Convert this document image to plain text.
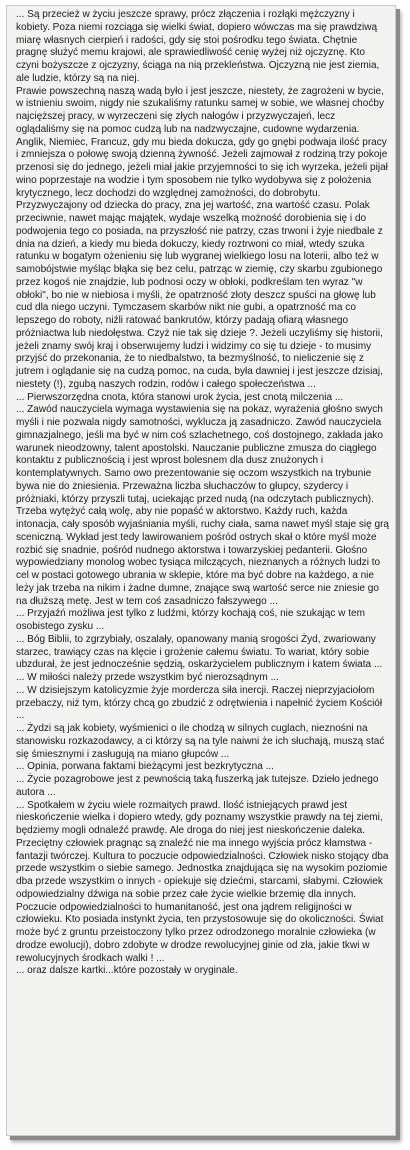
... Są przecież w życiu jeszcze sprawy, prócz złączenia i rozłąki mężczyzny i kobiety. Poza niemi rozciąga się wielki świat, dopiero wówczas ma się prawdziwą miarę własnych cierpień i radości, gdy się stoi pośrodku tego świata. Chętnie pragnę służyć memu krajowi, ale sprawiedliwość cenię wyżej niż ojczyznę. Kto czyni bożyszcze z ojczyzny, ściąga na nią przekleństwa. Ojczyzną nie jest ziemia, ale ludzie, którzy są na niej.
Prawie powszechną naszą wadą było i jest jeszcze, niestety, że zagrożeni w bycie, w istnieniu swoim, nigdy nie szukaliśmy ratunku samej w sobie, we własnej choćby najcięższej pracy, w wyrzeczeni się złych nałogów i przyzwyczajeń, lecz oglądaliśmy się na pomoc cudzą lub na nadzwyczajne, cudowne wydarzenia. Anglik, Niemiec, Francuz, gdy mu bieda dokucza, gdy go gnębi podwaja ilość pracy i zmniejsza o połowę swoją dzienną żywność. Jeżeli zajmował z rodziną trzy pokoje przenosi się do jednego, jeżeli miał jakie przyjemności to się ich wyrzeka, jeżeli pijał wino poprzestaje na wodzie i tym sposobem nie tylko wydobywa się z położenia krytycznego, lecz dochodzi do względnej zamożności, do dobrobytu. Przyzwyczajony od dziecka do pracy, zna jej wartość, zna wartość czasu. Polak przeciwnie, nawet mając majątek, wydaje wszelką możność dorobienia się i do podwojenia tego co posiada, na przyszłość nie patrzy, czas trwoni i żyje niedbale z dnia na dzień, a kiedy mu bieda dokuczy, kiedy roztrwoni co miał, wtedy szuka ratunku w bogatym ożenieniu się lub wygranej wielkiego losu na loterii, albo też w samobójstwie myśląc błąka się bez celu, patrząc w ziemię, czy skarbu zgubionego przez kogoś nie znajdzie, lub podnosi oczy w obłoki, podkreślam ten wyraz "w obłoki", bo nie w niebiosa i myśli, że opatrzność złoty deszcz spuści na głowę lub cud dla niego uczyni. Tymczasem skarbów nikt nie gubi, a opatrzność ma co lepszego do roboty, niźli ratować bankrutów, którzy padają ofiarą własnego próżniactwa lub niedołęstwa. Czyż nie tak się dzieje ?. Jeżeli uczyliśmy się historii, jeżeli znamy swój kraj i obserwujemy ludzi i widzimy co się tu dzieje - to musimy przyjść do przekonania, że to niedbalstwo, ta bezmyślność, to nieliczenie się z jutrem i oglądanie się na cudzą pomoc, na cuda, była dawniej i jest jeszcze dzisiaj, niestety (!), zgubą naszych rodzin, rodów i całego społeczeństwa ...
... Pierwszorzędna cnota, która stanowi urok życia, jest cnotą milczenia ...
... Zawód nauczyciela wymaga wystawienia się na pokaz, wyrażenia głośno swych myśli i nie pozwala nigdy samotności, wyklucza ją zasadniczo. Zawód nauczyciela gimnazjalnego, jeśli ma być w nim coś szlachetnego, coś dostojnego, zakłada jako warunek nieodzowny, talent apostolski. Nauczanie publiczne zmusza do ciągłego kontaktu z publicznością i jest wprost bolesnem dla dusz znużonych i kontemplatywnych. Samo owo prezentowanie się oczom wszystkich na trybunie bywa nie do zniesienia. Przeważna liczba słuchaczów to głupcy, szydercy i próżniaki, którzy przyszli tutaj, uciekając przed nudą (na odczytach publicznych). Trzeba wytężyć całą wolę, aby nie popaść w aktorstwo. Każdy ruch, każda intonacja, cały sposób wyjaśniania myśli, ruchy ciała, sama nawet myśl staje się grą sceniczną. Wykład jest tedy lawirowaniem pośród ostrych skał o które myśl może rozbić się snadnie, pośród nudnego aktorstwa i towarzyskiej pedanterii. Głośno wypowiedziany monolog wobec tysiąca milczących, nieznanych a różnych ludzi to cel w postaci gotowego ubrania w sklepie, które ma być dobre na każdego, a nie leży jak trzeba na nikim i żadne dumne, znające swą wartość serce nie zniesie go na dłuższą metę. Jest w tem coś zasadniczo fałszywego ...
... Przyjaźń możliwa jest tylko z ludźmi, którzy kochają coś, nie szukając w tem osobistego zysku ...
... Bóg Biblii, to zgrzybiały, oszalały, opanowany manią srogości Żyd, zwariowany starzec, trawiący czas na klęcie i grożenie całemu światu. To wariat, który sobie ubzdurał, że jest jednocześnie sędzią, oskarżycielem publicznym i katem świata ...
... W miłości należy przede wszystkim być nierozsądnym ...
... W dzisiejszym katolicyzmie żyje mordercza siła inercji. Raczej nieprzyjaciołom przebaczy, niż tym, którzy chcą go zbudzić z odrętwienia i napełnić życiem Kościół ...
... Żydzi są jak kobiety, wyśmienici o ile chodzą w silnych cuglach, nieznośni na stanowisku rozkazodawcy, a ci którzy są na tyle naiwni że ich słuchają, muszą stać się śmiesznymi i zasługują na miano głupców ...
... Opinia, porwana faktami bieżącymi jest bezkrytyczna ...
... Życie pozagrobowe jest z pewnością taką fuszerką jak tutejsze. Dzieło jednego autora ...
... Spotkałem w życiu wiele rozmaitych prawd. Ilość istniejących prawd jest nieskończenie wielka i dopiero wtedy, gdy poznamy wszystkie prawdy na tej ziemi, będziemy mogli odnaleźć prawdę. Ale droga do niej jest nieskończenie daleka. Przeciętny człowiek pragnąc są znaleźć nie ma innego wyjścia prócz kłamstwa - fantazji twórczej. Kultura to poczucie odpowiedzialności. Człowiek nisko stojący dba przede wszystkim o siebie samego. Jednostka znajdująca się na wysokim poziomie dba przede wszystkim o innych - opiekuje się dziećmi, starcami, słabymi. Człowiek odpowiedzialny dźwiga na sobie przez całe życie wielkie brzemię dla innych. Poczucie odpowiedzialności to humanitaność, jest ona jądrem religijności w człowieku. Kto posiada instynkt życia, ten przystosowuje się do okoliczności. Świat może być z gruntu przeistoczony tylko przez odrodzonego moralnie człowieka (w drodze ewolucji), dobro zdobyte w drodze rewolucyjnej ginie od zła, jakie tkwi w rewolucyjnych środkach walki ! ...
... oraz dalsze kartki...które pozostały w oryginale.
